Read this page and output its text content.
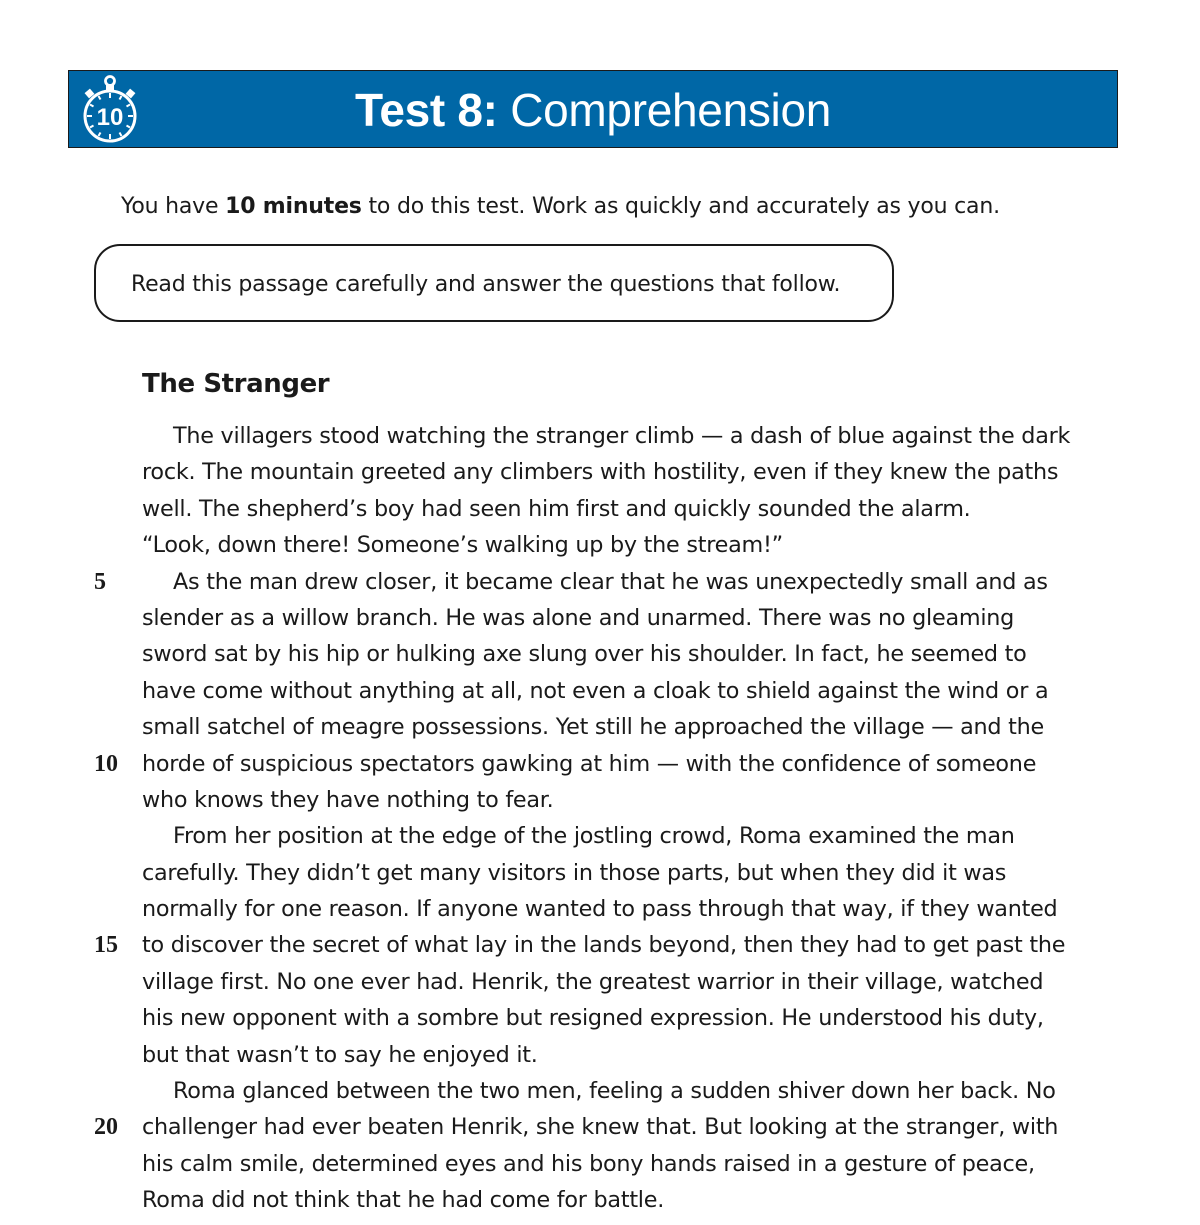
10	Test 8: Comprehension
You have 10 minutes to do this test. Work as quickly and accurately as you can.
Read this passage carefully and answer the questions that follow.
The Stranger
The villagers stood watching the stranger climb — a dash of blue against the dark
rock. The mountain greeted any climbers with hostility, even if they knew the paths
well. The shepherd’s boy had seen him first and quickly sounded the alarm.
“Look, down there! Someone’s walking up by the stream!”
5	As the man drew closer, it became clear that he was unexpectedly small and as
slender as a willow branch. He was alone and unarmed. There was no gleaming
sword sat by his hip or hulking axe slung over his shoulder. In fact, he seemed to
have come without anything at all, not even a cloak to shield against the wind or a
small satchel of meagre possessions. Yet still he approached the village — and the
10 horde of suspicious spectators gawking at him — with the confidence of someone
who knows they have nothing to fear.
From her position at the edge of the jostling crowd, Roma examined the man
carefully. They didn’t get many visitors in those parts, but when they did it was
normally for one reason. If anyone wanted to pass through that way, if they wanted
15 to discover the secret of what lay in the lands beyond, then they had to get past the
village first. No one ever had. Henrik, the greatest warrior in their village, watched
his new opponent with a sombre but resigned expression. He understood his duty,
but that wasn’t to say he enjoyed it.
Roma glanced between the two men, feeling a sudden shiver down her back. No
20 challenger had ever beaten Henrik, she knew that. But looking at the stranger, with
his calm smile, determined eyes and his bony hands raised in a gesture of peace,
Roma did not think that he had come for battle.
